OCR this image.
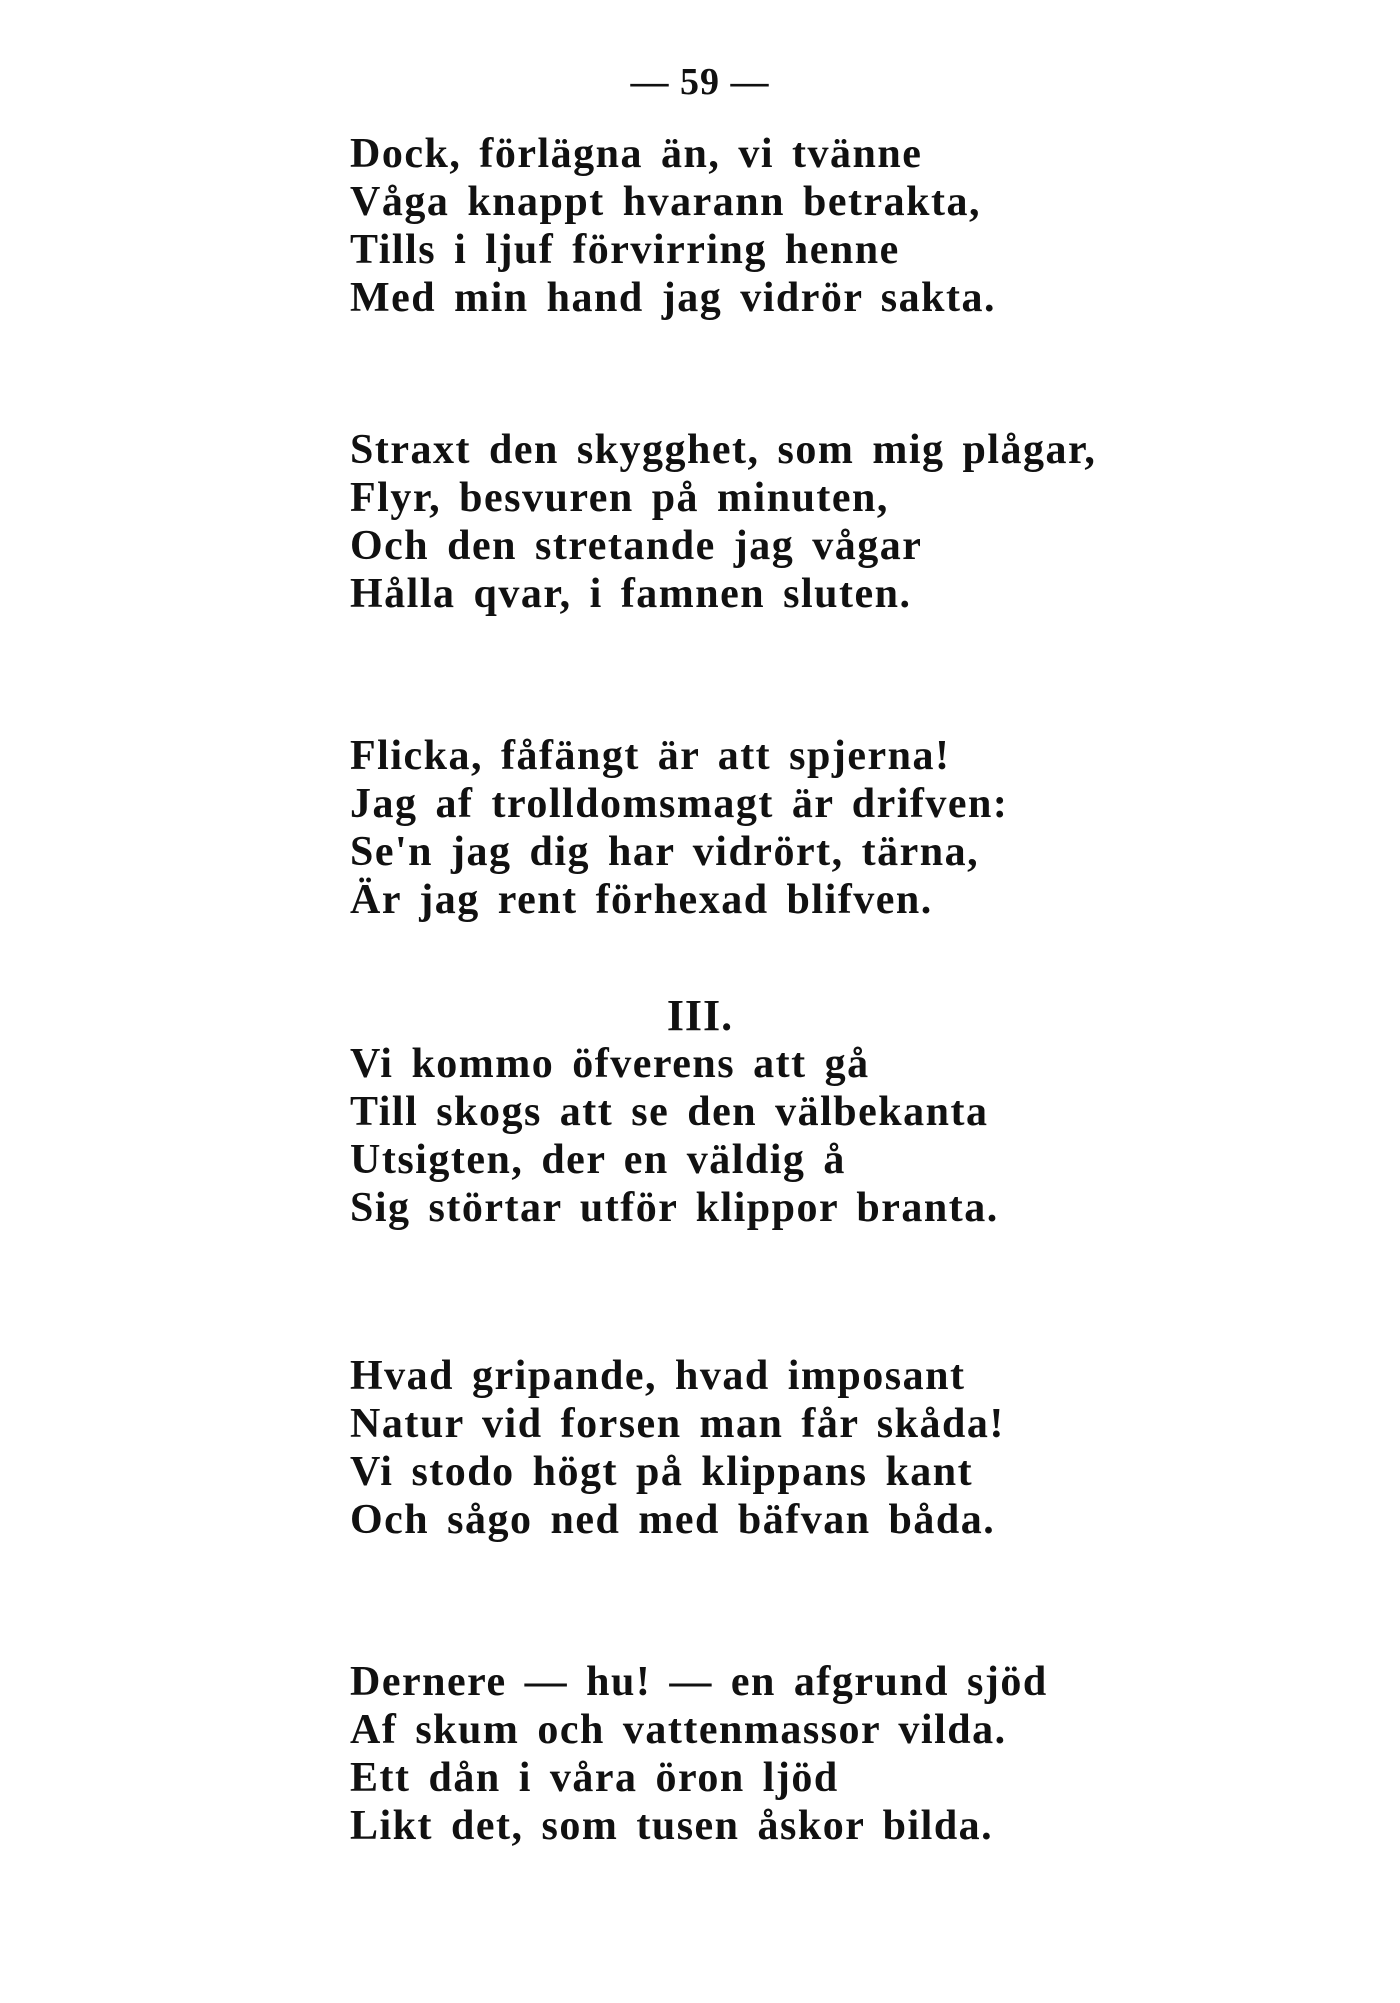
— 59 —
Dock, förlägna än, vi tvänne
Våga knappt hvarann betrakta,
Tills i ljuf förvirring henne
Med min hand jag vidrör sakta.
Straxt den skygghet, som mig plågar,
Flyr, besvuren på minuten,
Och den stretande jag vågar
Hålla qvar, i famnen sluten.
Flicka, fåfängt är att spjerna!
Jag af trolldomsmagt är drifven:
Se'n jag dig har vidrört, tärna,
Är jag rent förhexad blifven.
III.
Vi kommo öfverens att gå
Till skogs att se den välbekanta
Utsigten, der en väldig å
Sig störtar utför klippor branta.
Hvad gripande, hvad imposant
Natur vid forsen man får skåda!
Vi stodo högt på klippans kant
Och sågo ned med bäfvan båda.
Dernere — hu! — en afgrund sjöd
Af skum och vattenmassor vilda.
Ett dån i våra öron ljöd
Likt det, som tusen åskor bilda.
